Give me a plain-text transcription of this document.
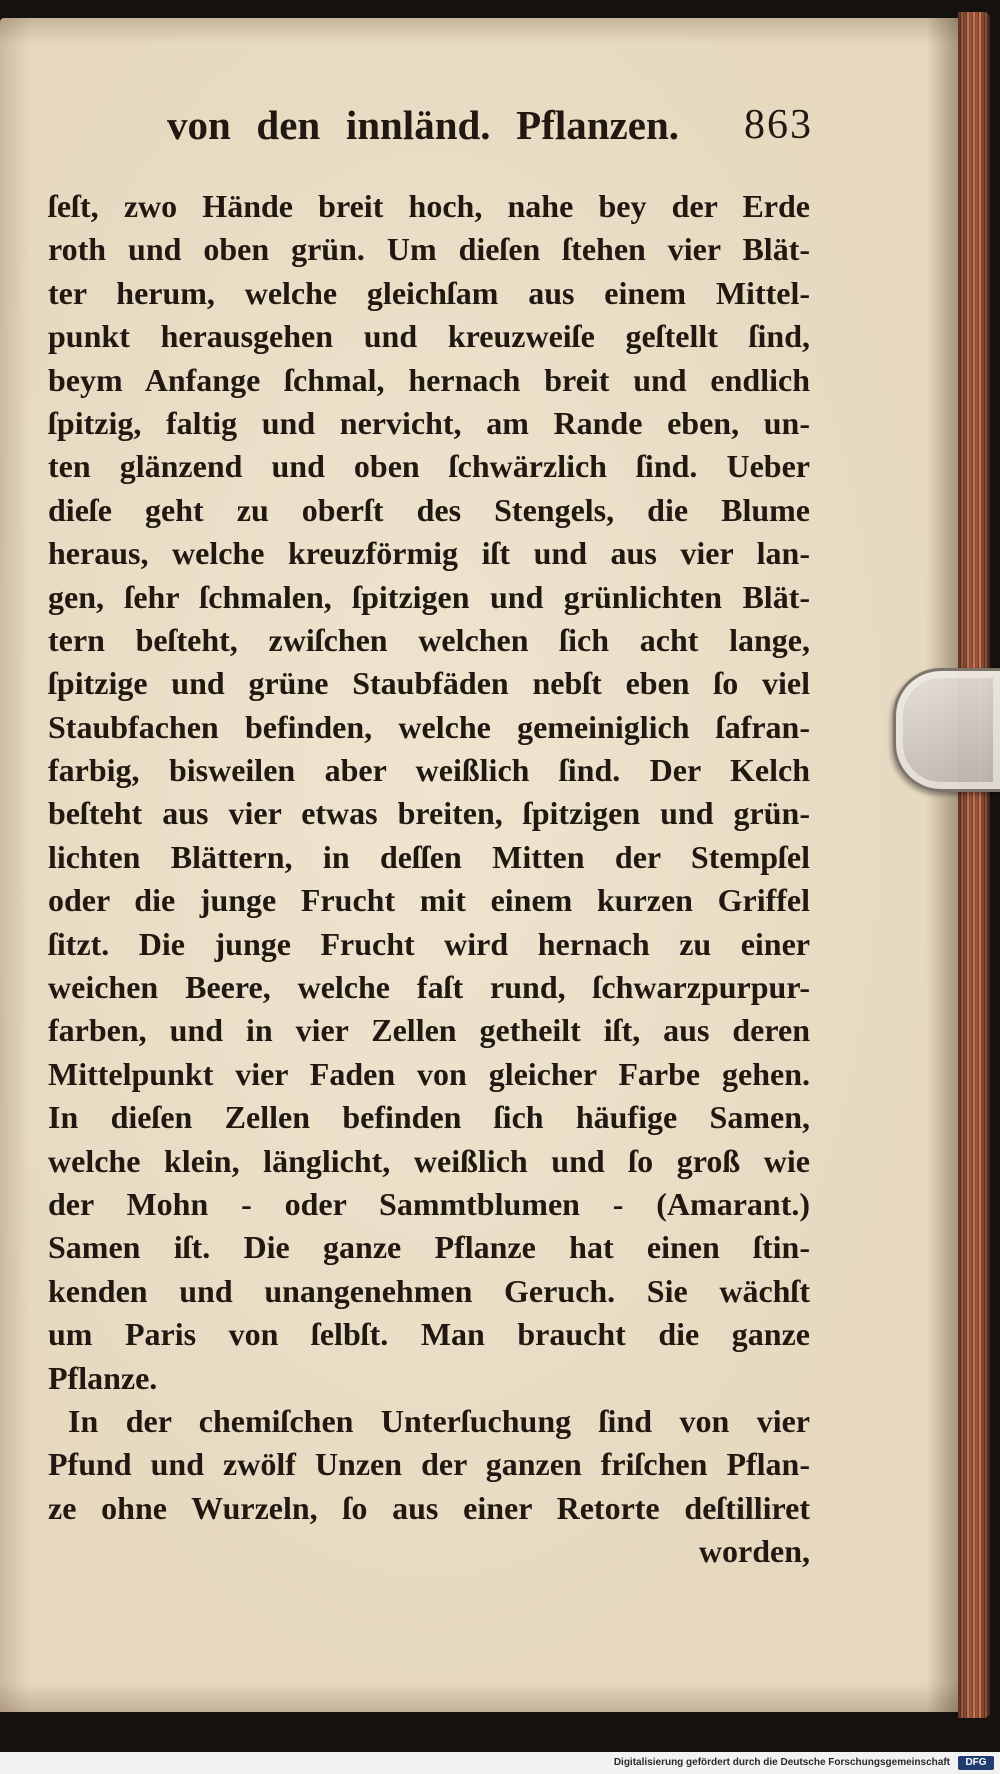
von den innländ. Pflanzen. 863
ſeſt, zwo Hände breit hoch, nahe bey der Erde
roth und oben grün. Um dieſen ſtehen vier Blät-
ter herum, welche gleichſam aus einem Mittel-
punkt herausgehen und kreuzweiſe geſtellt ſind,
beym Anfange ſchmal, hernach breit und endlich
ſpitzig, faltig und nervicht, am Rande eben, un-
ten glänzend und oben ſchwärzlich ſind. Ueber
dieſe geht zu oberſt des Stengels, die Blume
heraus, welche kreuzförmig iſt und aus vier lan-
gen, ſehr ſchmalen, ſpitzigen und grünlichten Blät-
tern beſteht, zwiſchen welchen ſich acht lange,
ſpitzige und grüne Staubfäden nebſt eben ſo viel
Staubfachen befinden, welche gemeiniglich ſafran-
farbig, bisweilen aber weißlich ſind. Der Kelch
beſteht aus vier etwas breiten, ſpitzigen und grün-
lichten Blättern, in deſſen Mitten der Stempſel
oder die junge Frucht mit einem kurzen Griffel
ſitzt. Die junge Frucht wird hernach zu einer
weichen Beere, welche faſt rund, ſchwarzpurpur-
farben, und in vier Zellen getheilt iſt, aus deren
Mittelpunkt vier Faden von gleicher Farbe gehen.
In dieſen Zellen befinden ſich häufige Samen,
welche klein, länglicht, weißlich und ſo groß wie
der Mohn - oder Sammtblumen - (Amarant.)
Samen iſt. Die ganze Pflanze hat einen ſtin-
kenden und unangenehmen Geruch. Sie wächſt
um Paris von ſelbſt. Man braucht die ganze
Pflanze.
In der chemiſchen Unterſuchung ſind von vier
Pfund und zwölf Unzen der ganzen friſchen Pflan-
ze ohne Wurzeln, ſo aus einer Retorte deſtilliret
worden,
Digitalisierung gefördert durch die Deutsche Forschungsgemeinschaft	DFG
